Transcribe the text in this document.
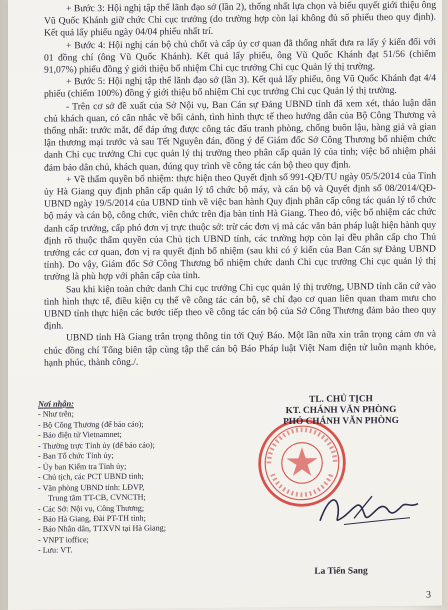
+ Bước 3: Hội nghị tập thể lãnh đạo sở (lần 2), thống nhất lựa chọn và biểu quyết giới thiệu ông Vũ Quốc Khánh giữ chức Chi cục trưởng (do trường hợp còn lại không đủ số phiếu theo quy định). Kết quả lấy phiếu ngày 04/04 phiếu nhất trí.

+ Bước 4: Hội nghị cán bộ chủ chốt và cấp ủy cơ quan đã thống nhất đưa ra lấy ý kiến đối với 01 đồng chí (ông Vũ Quốc Khánh). Kết quả lấy phiếu, ông Vũ Quốc Khánh đạt 51/56 (chiếm 91,07%) phiếu đồng ý giới thiệu bổ nhiệm Chi cục trưởng Chi cục Quản lý thị trường.

+ Bước 5: Hội nghị tập thể lãnh đạo sở (lần 3). Kết quả lấy phiếu, ông Vũ Quốc Khánh đạt 4/4 phiếu (chiếm 100%) đồng ý giới thiệu bổ nhiệm Chi cục trưởng Chi cục Quản lý thị trường.

- Trên cơ sở đề xuất của Sở Nội vụ, Ban Cán sự Đảng UBND tỉnh đã xem xét, thảo luận dân chủ khách quan, có cân nhắc về bối cảnh, tình hình thực tế theo hướng dẫn của Bộ Công Thương và thống nhất: trước mắt, để đáp ứng được công tác đấu tranh phòng, chống buôn lậu, hàng giả và gian lận thương mại trước và sau Tết Nguyên đán, đồng ý để Giám đốc Sở Công Thương bổ nhiệm chức danh Chi cục trưởng Chi cục quản lý thị trường theo phân cấp quản lý của tỉnh; việc bổ nhiệm phải đảm bảo dân chủ, khách quan, đúng quy trình về công tác cán bộ theo quy định.

+ Về thẩm quyền bổ nhiệm: thực hiện theo Quyết định số 991-QĐ/TU ngày 05/5/2014 của Tỉnh ủy Hà Giang quy định phân cấp quản lý tổ chức bộ máy, và cán bộ và Quyết định số 08/2014/QĐ-UBND ngày 19/5/2014 của UBND tỉnh về việc ban hành Quy định phân cấp công tác quản lý tổ chức bộ máy và cán bộ, công chức, viên chức trên địa bàn tỉnh Hà Giang. Theo đó, việc bổ nhiệm các chức danh cấp trưởng, cấp phó đơn vị trực thuộc sở: trừ các đơn vị mà các văn bản pháp luật hiện hành quy định rõ thuộc thẩm quyền của Chủ tịch UBND tỉnh, các trường hợp còn lại đều phân cấp cho Thủ trưởng các cơ quan, đơn vị ra quyết định bổ nhiệm (sau khi có ý kiến của Ban Cán sự Đảng UBND tỉnh). Do vậy, Giám đốc Sở Công Thương bổ nhiệm chức danh Chi cục trưởng Chi cục quản lý thị trường là phù hợp với phân cấp của tỉnh.

Sau khi kiện toàn chức danh Chi cục trưởng Chi cục quản lý thị trường, UBND tỉnh căn cứ vào tình hình thực tế, điều kiện cụ thể về công tác cán bộ, sẽ chỉ đạo cơ quan liên quan tham mưu cho UBND tỉnh thực hiện các bước tiếp theo về công tác cán bộ của Sở Công Thương đảm bảo theo quy định.

UBND tỉnh Hà Giang trân trọng thông tin tới Quý Báo. Một lần nữa xin trân trọng cảm ơn và chúc đồng chí Tổng biên tập cùng tập thể cán bộ Báo Pháp luật Việt Nam điện tử luôn mạnh khỏe, hạnh phúc, thành công./.

Nơi nhận:
- Như trên;
- Bộ Công Thương (để báo cáo);
- Báo điện tử Vietnamnet;
- Thường trực Tỉnh ủy (để báo cáo);
- Ban Tổ chức Tỉnh ủy;
- Ủy ban Kiểm tra Tỉnh ủy;
- Chủ tịch, các PCT UBND tỉnh;
- Văn phòng UBND tỉnh: LĐVP,
Trung tâm TT-CB, CVNCTH;
- Các Sở: Nội vụ, Công Thương;
- Báo Hà Giang, Đài PT-TH tỉnh;
- Báo Nhân dân, TTXVN tại Hà Giang;
- VNPT ioffice;
- Lưu: VT.
TL. CHỦ TỊCH
KT. CHÁNH VĂN PHÒNG
PHÓ CHÁNH VĂN PHÒNG
La Tiến Sang
3
